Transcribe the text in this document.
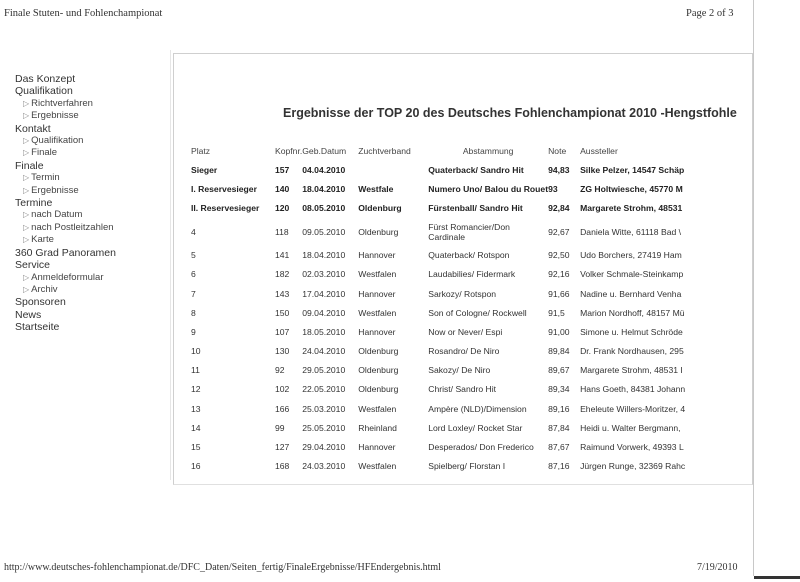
Finale Stuten- und Fohlenchampionat	Page 2 of 3
Das Konzept
Qualifikation
▷ Richtverfahren
▷ Ergebnisse
Kontakt
▷ Qualifikation
▷ Finale
Finale
▷ Termin
▷ Ergebnisse
Termine
▷ nach Datum
▷ nach Postleitzahlen
▷ Karte
360 Grad Panoramen
Service
▷ Anmeldeformular
▷ Archiv
Sponsoren
News
Startseite
Ergebnisse der TOP 20 des Deutsches Fohlenchampionat 2010 -Hengstfohle
Platz	Kopfnr.	Geb.Datum	Zuchtverband	Abstammung	Note	Aussteller
Sieger	157	04.04.2010		Quaterback/ Sandro Hit	94,83	Silke Pelzer, 14547 Schäp
I. Reservesieger	140	18.04.2010	Westfale	Numero Uno/ Balou du Rouet	93	ZG Holtwiesche, 45770 M
II. Reservesieger	120	08.05.2010	Oldenburg	Fürstenball/ Sandro Hit	92,84	Margarete Strohm, 48531
4	118	09.05.2010	Oldenburg	Fürst Romancier/Don Cardinale	92,67	Daniela Witte, 61118 Bad \
5	141	18.04.2010	Hannover	Quaterback/ Rotspon	92,50	Udo Borchers, 27419 Ham
6	182	02.03.2010	Westfalen	Laudabilies/ Fidermark	92,16	Volker Schmale-Steinkamp
7	143	17.04.2010	Hannover	Sarkozy/ Rotspon	91,66	Nadine u. Bernhard Venha
8	150	09.04.2010	Westfalen	Son of Cologne/ Rockwell	91,5	Marion Nordhoff, 48157 Mü
9	107	18.05.2010	Hannover	Now or Never/ Espi	91,00	Simone u. Helmut Schröde
10	130	24.04.2010	Oldenburg	Rosandro/ De Niro	89,84	Dr. Frank Nordhausen, 295
11	92	29.05.2010	Oldenburg	Sakozy/ De Niro	89,67	Margarete Strohm, 48531 I
12	102	22.05.2010	Oldenburg	Christ/ Sandro Hit	89,34	Hans Goeth, 84381 Johann
13	166	25.03.2010	Westfalen	Ampère (NLD)/Dimension	89,16	Eheleute Willers-Moritzer, 4
14	99	25.05.2010	Rheinland	Lord Loxley/ Rocket Star	87,84	Heidi u. Walter Bergmann,
15	127	29.04.2010	Hannover	Desperados/ Don Frederico	87,67	Raimund Vorwerk, 49393 L
16	168	24.03.2010	Westfalen	Spielberg/ Florstan I	87,16	Jürgen Runge, 32369 Rahc
http://www.deutsches-fohlenchampionat.de/DFC_Daten/Seiten_fertig/FinaleErgebnisse/HFEndergebnis.html	7/19/2010
